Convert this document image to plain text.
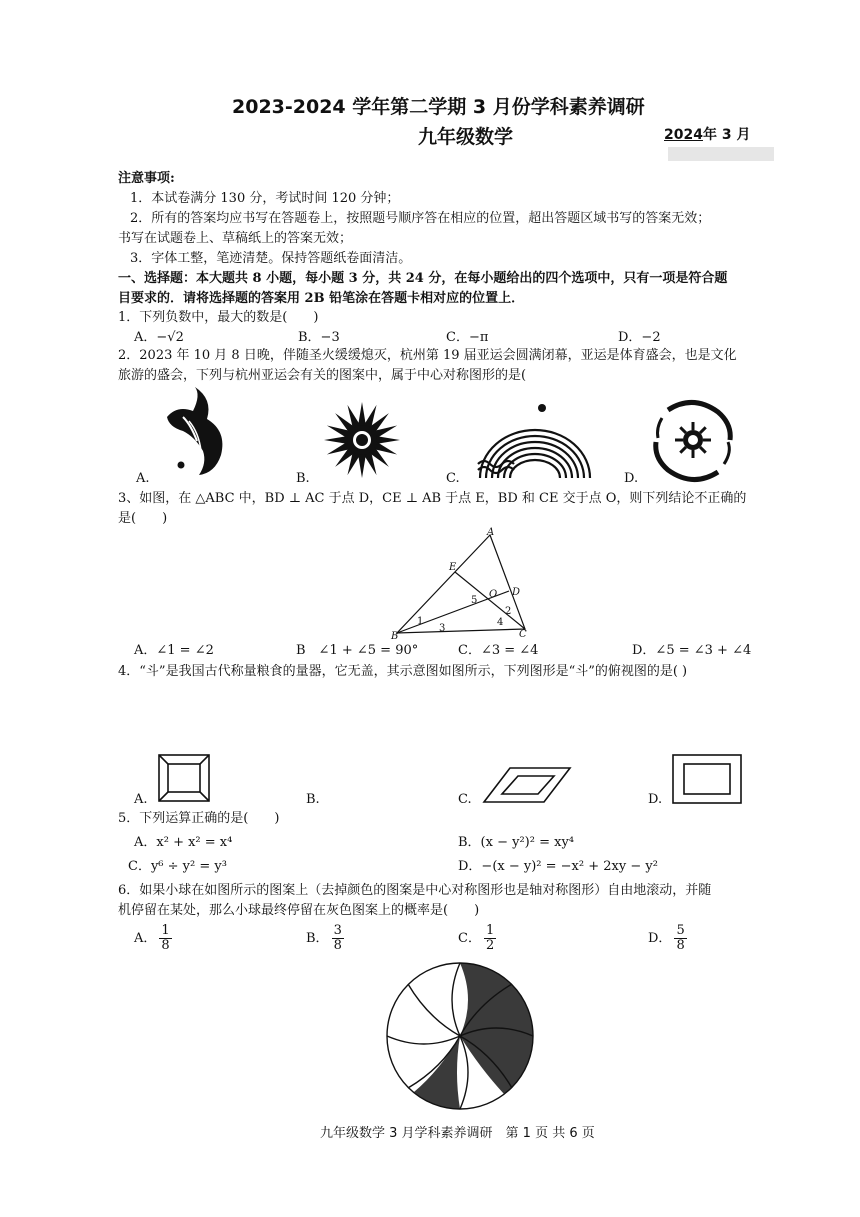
2023-2024 学年第二学期 3 月份学科素养调研
九年级数学	2024年 3 月
注意事项:
1．本试卷满分 130 分，考试时间 120 分钟；
2．所有的答案均应书写在答题卷上，按照题号顺序答在相应的位置，超出答题区域书写的答案无效；
书写在试题卷上、草稿纸上的答案无效；
3．字体工整，笔迹清楚。保持答题纸卷面清洁。
一、选择题：本大题共 8 小题，每小题 3 分，共 24 分，在每小题给出的四个选项中，只有一项是符合题
目要求的．请将选择题的答案用 2B 铅笔涂在答题卡相对应的位置上．
1．下列负数中，最大的数是(　　)
A．−√2	B．−3	C．−π	D．−2
2．2023 年 10 月 8 日晚，伴随圣火缓缓熄灭，杭州第 19 届亚运会圆满闭幕，亚运是体育盛会，也是文化
旅游的盛会，下列与杭州亚运会有关的图案中，属于中心对称图形的是(
A.	B.	C.	D.
3、如图，在 △ABC 中，BD ⊥ AC 于点 D，CE ⊥ AB 于点 E，BD 和 CE 交于点 O，则下列结论不正确的
是(　　)
A
E
D
O
B	C
1
2
3
4
5
A．∠1 = ∠2	B　∠1 + ∠5 = 90°	C．∠3 = ∠4	D．∠5 = ∠3 + ∠4
4．“斗”是我国古代称量粮食的量器，它无盖，其示意图如图所示，下列图形是“斗”的俯视图的是( )
A.	B.	C.	D.
5．下列运算正确的是(　　)
A．x² + x² = x⁴	B．(x − y²)² = xy⁴
C．y⁶ ÷ y² = y³	D．−(x − y)² = −x² + 2xy − y²
6．如果小球在如图所示的图案上（去掉颜色的图案是中心对称图形也是轴对称图形）自由地滚动，并随
机停留在某处，那么小球最终停留在灰色图案上的概率是(　　)
A． $\frac{1}{8}$	B． $\frac{3}{8}$	C． $\frac{1}{2}$	D． $\frac{5}{8}$
九年级数学 3 月学科素养调研　第 1 页 共 6 页
